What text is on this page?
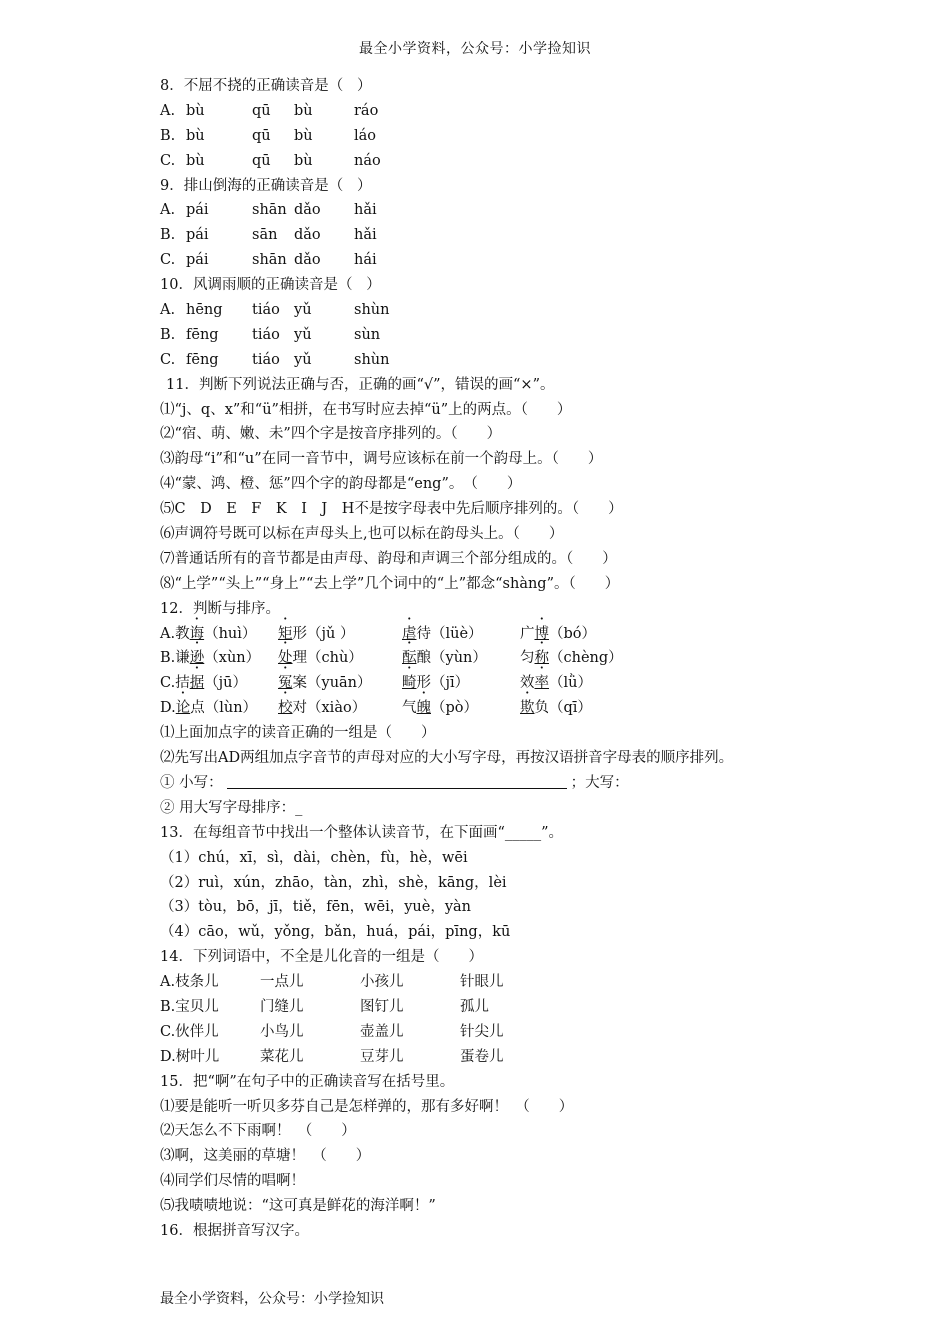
最全小学资料，公众号：小学捡知识
8．不屈不挠的正确读音是（   ）
A. bù	qū	bù	ráo
B. bù	qū	bù	láo
C. bù	qū	bù	náo
9．排山倒海的正确读音是（   ）
A. pái	shān dǎo	hǎi
B. pái	sān	dǎo	hǎi
C. pái	shān dǎo	hái
10．风调雨顺的正确读音是（   ）
A. hēng	tiáo yǔ	shùn
B. fēng	tiáo yǔ	sùn
C. fēng	tiáo yǔ	shùn
11．判断下列说法正确与否，正确的画“√”，错误的画“×”。
⑴“j、q、x”和“ü”相拼，在书写时应去掉“ü”上的两点。（　　）
⑵“宿、萌、嫩、未”四个字是按音序排列的。（　　）
⑶韵母“i”和“u”在同一音节中，调号应该标在前一个韵母上。（　　）
⑷“蒙、鸿、橙、惩”四个字的韵母都是“eng”。　（　　）
⑸C　D　E　F　K　I　J　H不是按字母表中先后顺序排列的。（　　）
⑹声调符号既可以标在声母头上,也可以标在韵母头上。（　　）
⑺普通话所有的音节都是由声母、韵母和声调三个部分组成的。（　　）
⑻“上学”“头上”“身上”“去上学”几个词中的“上”都念“shàng”。（　　）
12．判断与排序。
A.教诲（huì）	矩形（jǔ ）	虐待（lüè）	广博（bó）
B.谦逊（xùn）	处理（chù）	酝酿（yùn）	匀称（chèng）
C.拮据（jū）	冤案（yuān）	畸形（jī）	效率（lǜ）
D.论点（lùn）	校对（xiào）	气魄（pò）	欺负（qī）
⑴上面加点字的读音正确的一组是（　　）
⑵先写出AD两组加点字音节的声母对应的大小写字母，再按汉语拼音字母表的顺序排列。
① 小写：	；大写：
② 用大写字母排序：_
13．在每组音节中找出一个整体认读音节，在下面画“_____”。
（1）chú，xī，sì，dài，chèn，fù，hè，wēi
（2）ruì，xún，zhāo，tàn，zhì，shè，kāng，lèi
（3）tòu，bō，jī，tiě，fēn，wēi，yuè，yàn
（4）cāo，wǔ，yǒng，bǎn，huá，pái，pīng，kū
14．下列词语中，不全是儿化音的一组是（　　）
A.枝条儿	一点儿	小孩儿	针眼儿
B.宝贝儿	门缝儿	图钉儿	孤儿
C.伙伴儿	小鸟儿	壶盖儿	针尖儿
D.树叶儿	菜花儿	豆芽儿	蛋卷儿
15．把“啊”在句子中的正确读音写在括号里。
⑴要是能听一听贝多芬自己是怎样弹的，那有多好啊！　（　　）
⑵天怎么不下雨啊！　（　　）
⑶啊，这美丽的草塘！　（　　）
⑷同学们尽情的唱啊！
⑸我啧啧地说：“这可真是鲜花的海洋啊！”
16．根据拼音写汉字。
最全小学资料，公众号：小学捡知识
